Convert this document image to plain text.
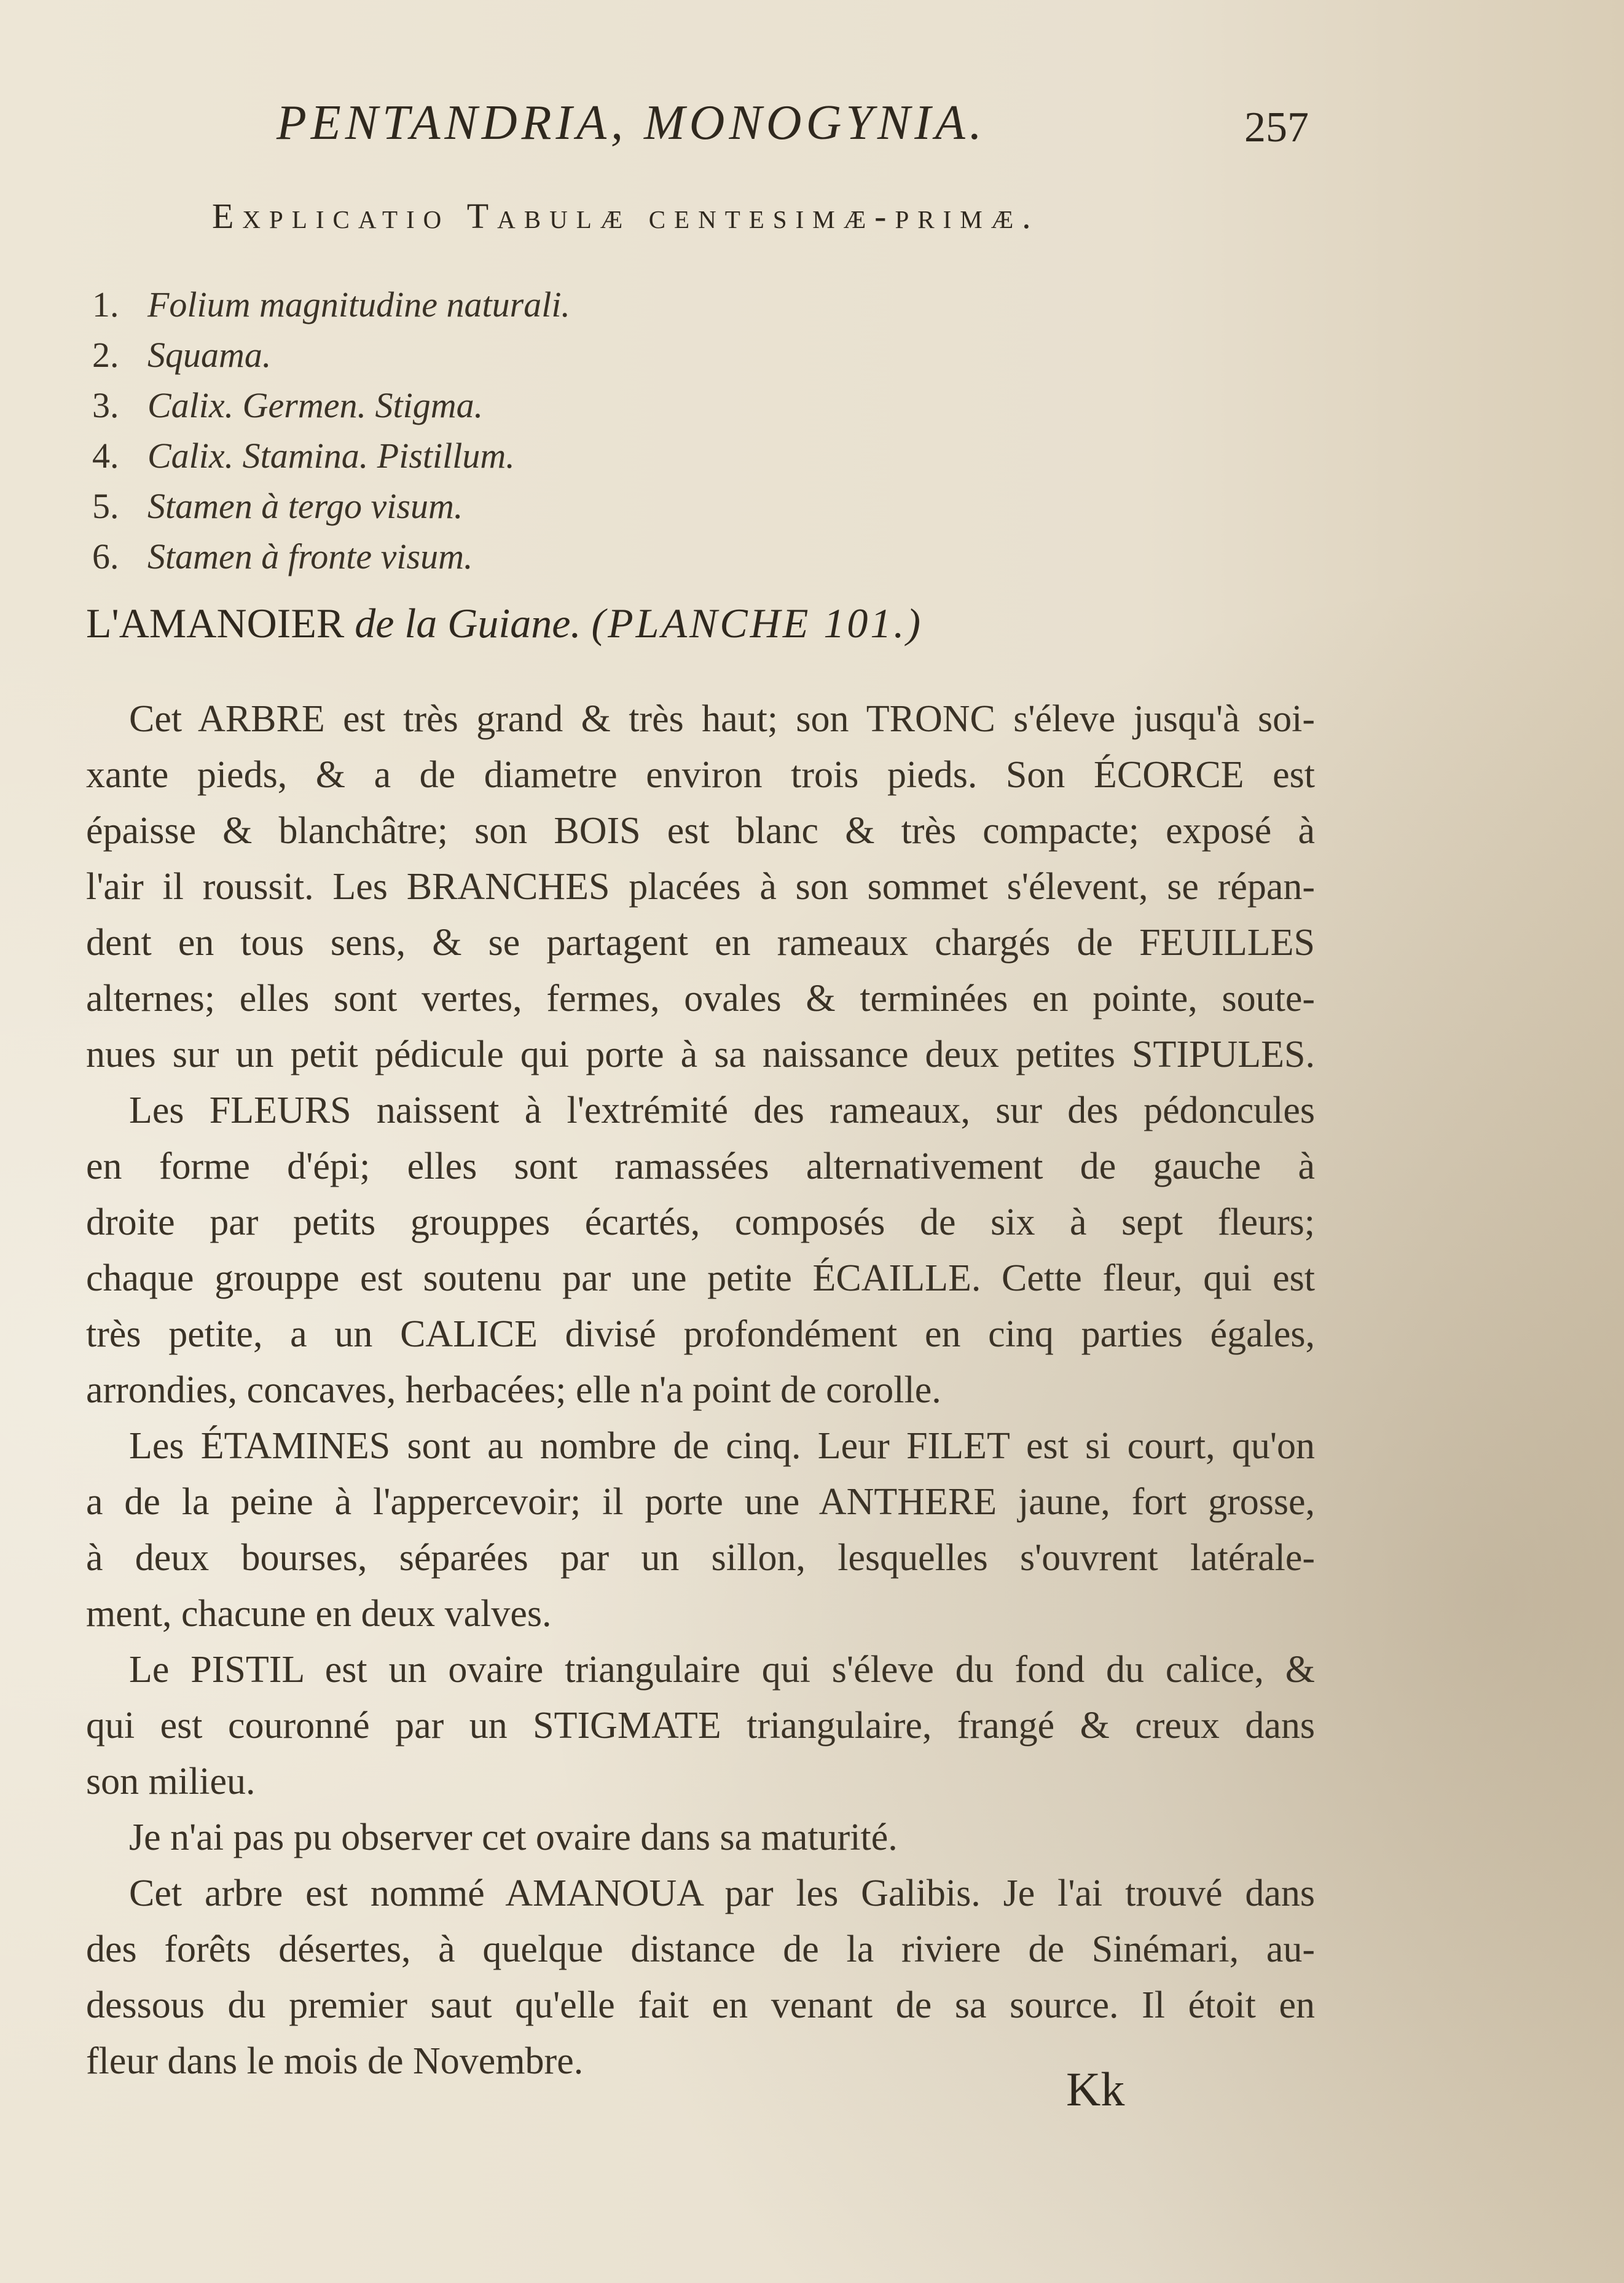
PENTANDRIA, MONOGYNIA.	257
Explicatio Tabulæ centesimæ-primæ.
1. Folium magnitudine naturali.
2. Squama.
3. Calix. Germen. Stigma.
4. Calix. Stamina. Pistillum.
5. Stamen à tergo visum.
6. Stamen à fronte visum.
L'AMANOIER de la Guiane. (PLANCHE 101.)
Cet ARBRE est très grand & très haut; son TRONC s'éleve jusqu'à soi-
xante pieds, & a de diametre environ trois pieds. Son ÉCORCE est
épaisse & blanchâtre; son BOIS est blanc & très compacte; exposé à
l'air il roussit. Les BRANCHES placées à son sommet s'élevent, se répan-
dent en tous sens, & se partagent en rameaux chargés de FEUILLES
alternes; elles sont vertes, fermes, ovales & terminées en pointe, soute-
nues sur un petit pédicule qui porte à sa naissance deux petites STIPULES.
Les FLEURS naissent à l'extrémité des rameaux, sur des pédoncules
en forme d'épi; elles sont ramassées alternativement de gauche à
droite par petits grouppes écartés, composés de six à sept fleurs;
chaque grouppe est soutenu par une petite ÉCAILLE. Cette fleur, qui est
très petite, a un CALICE divisé profondément en cinq parties égales,
arrondies, concaves, herbacées; elle n'a point de corolle.
Les ÉTAMINES sont au nombre de cinq. Leur FILET est si court, qu'on
a de la peine à l'appercevoir; il porte une ANTHERE jaune, fort grosse,
à deux bourses, séparées par un sillon, lesquelles s'ouvrent latérale-
ment, chacune en deux valves.
Le PISTIL est un ovaire triangulaire qui s'éleve du fond du calice, &
qui est couronné par un STIGMATE triangulaire, frangé & creux dans
son milieu.
Je n'ai pas pu observer cet ovaire dans sa maturité.
Cet arbre est nommé AMANOUA par les Galibis. Je l'ai trouvé dans
des forêts désertes, à quelque distance de la riviere de Sinémari, au-
dessous du premier saut qu'elle fait en venant de sa source. Il étoit en
fleur dans le mois de Novembre.
Kk
